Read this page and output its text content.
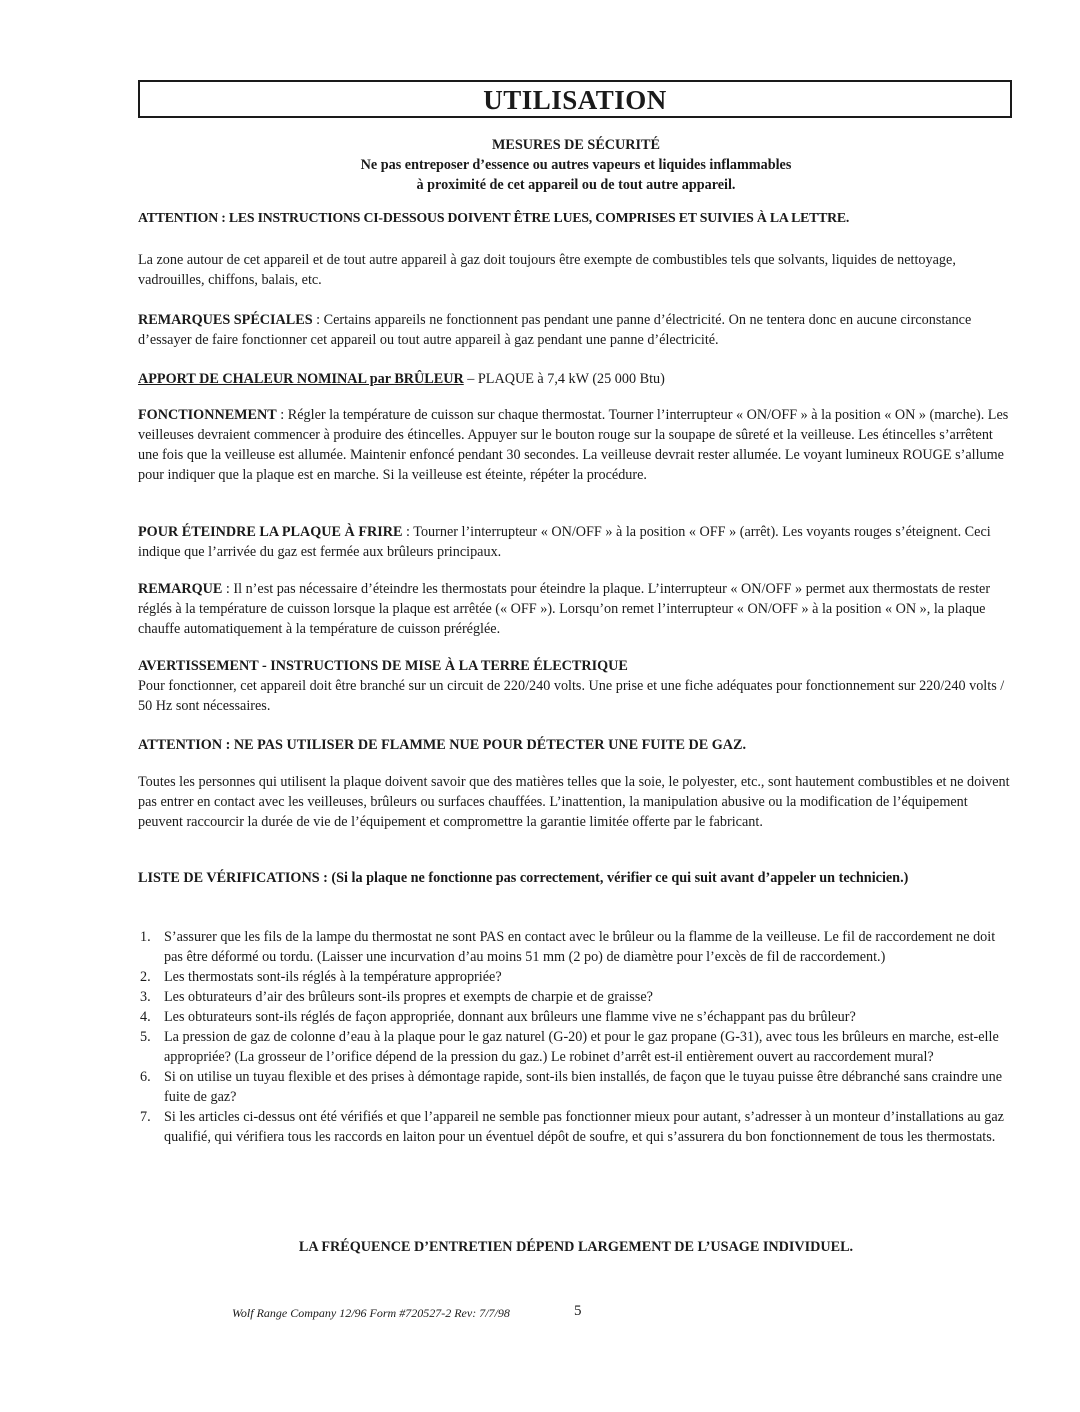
UTILISATION
MESURES DE SÉCURITÉ
Ne pas entreposer d’essence ou autres vapeurs et liquides inflammables
à proximité de cet appareil ou de tout autre appareil.
ATTENTION : LES INSTRUCTIONS CI-DESSOUS DOIVENT ÊTRE LUES, COMPRISES ET SUIVIES À LA LETTRE.
La zone autour de cet appareil et de tout autre appareil à gaz doit toujours être exempte de combustibles tels que solvants, liquides de nettoyage, vadrouilles, chiffons, balais, etc.
REMARQUES SPÉCIALES : Certains appareils ne fonctionnent pas pendant une panne d’électricité. On ne tentera donc en aucune circonstance d’essayer de faire fonctionner cet appareil ou tout autre appareil à gaz pendant une panne d’électricité.
APPORT DE CHALEUR NOMINAL par BRÛLEUR – PLAQUE à 7,4 kW (25 000 Btu)
FONCTIONNEMENT : Régler la température de cuisson sur chaque thermostat. Tourner l’interrupteur « ON/OFF » à la position « ON » (marche). Les veilleuses devraient commencer à produire des étincelles. Appuyer sur le bouton rouge sur la soupape de sûreté et la veilleuse. Les étincelles s’arrêtent une fois que la veilleuse est allumée. Maintenir enfoncé pendant 30 secondes. La veilleuse devrait rester allumée. Le voyant lumineux ROUGE s’allume pour indiquer que la plaque est en marche. Si la veilleuse est éteinte, répéter la procédure.
POUR ÉTEINDRE LA PLAQUE À FRIRE : Tourner l’interrupteur « ON/OFF » à la position « OFF » (arrêt). Les voyants rouges s’éteignent. Ceci indique que l’arrivée du gaz est fermée aux brûleurs principaux.
REMARQUE : Il n’est pas nécessaire d’éteindre les thermostats pour éteindre la plaque. L’interrupteur « ON/OFF » permet aux thermostats de rester réglés à la température de cuisson lorsque la plaque est arrêtée (« OFF »). Lorsqu’on remet l’interrupteur « ON/OFF » à la position « ON », la plaque chauffe automatiquement à la température de cuisson préréglée.
AVERTISSEMENT - INSTRUCTIONS DE MISE À LA TERRE ÉLECTRIQUE
Pour fonctionner, cet appareil doit être branché sur un circuit de 220/240 volts. Une prise et une fiche adéquates pour fonctionnement sur 220/240 volts / 50 Hz sont nécessaires.
ATTENTION : NE PAS UTILISER DE FLAMME NUE POUR DÉTECTER UNE FUITE DE GAZ.
Toutes les personnes qui utilisent la plaque doivent savoir que des matières telles que la soie, le polyester, etc., sont hautement combustibles et ne doivent pas entrer en contact avec les veilleuses, brûleurs ou surfaces chauffées. L’inattention, la manipulation abusive ou la modification de l’équipement peuvent raccourcir la durée de vie de l’équipement et compromettre la garantie limitée offerte par le fabricant.
LISTE DE VÉRIFICATIONS : (Si la plaque ne fonctionne pas correctement, vérifier ce qui suit avant d’appeler un technicien.)
1. S’assurer que les fils de la lampe du thermostat ne sont PAS en contact avec le brûleur ou la flamme de la veilleuse. Le fil de raccordement ne doit pas être déformé ou tordu. (Laisser une incurvation d’au moins 51 mm (2 po) de diamètre pour l’excès de fil de raccordement.)
2. Les thermostats sont-ils réglés à la température appropriée?
3. Les obturateurs d’air des brûleurs sont-ils propres et exempts de charpie et de graisse?
4. Les obturateurs sont-ils réglés de façon appropriée, donnant aux brûleurs une flamme vive ne s’échappant pas du brûleur?
5. La pression de gaz de colonne d’eau à la plaque pour le gaz naturel (G-20) et pour le gaz propane (G-31), avec tous les brûleurs en marche, est-elle appropriée? (La grosseur de l’orifice dépend de la pression du gaz.) Le robinet d’arrêt est-il entièrement ouvert au raccordement mural?
6. Si on utilise un tuyau flexible et des prises à démontage rapide, sont-ils bien installés, de façon que le tuyau puisse être débranché sans craindre une fuite de gaz?
7. Si les articles ci-dessus ont été vérifiés et que l’appareil ne semble pas fonctionner mieux pour autant, s’adresser à un monteur d’installations au gaz qualifié, qui vérifiera tous les raccords en laiton pour un éventuel dépôt de soufre, et qui s’assurera du bon fonctionnement de tous les thermostats.
LA FRÉQUENCE D’ENTRETIEN DÉPEND LARGEMENT DE L’USAGE INDIVIDUEL.
Wolf Range Company 12/96 Form #720527-2 Rev: 7/7/98	5
